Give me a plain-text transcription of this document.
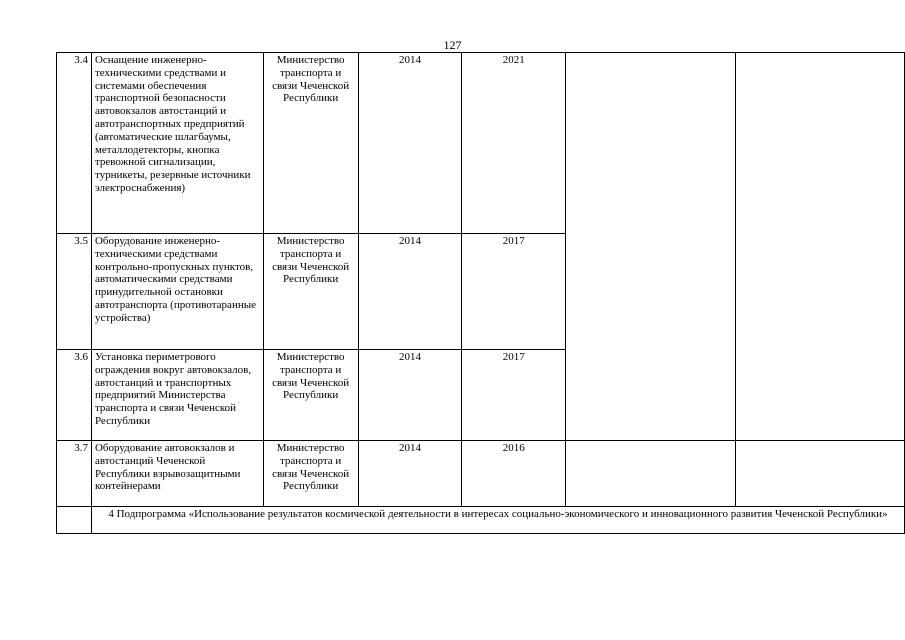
127
3.4	Оснащение инженерно-техническими средствами и системами обеспечения транспортной безопасности автовокзалов автостанций и автотранспортных предприятий (автоматические шлагбаумы, металлодетекторы, кнопка тревожной сигнализации, турникеты, резервные источники электроснабжения)	Министерство транспорта и связи Чеченской Республики	2014	2021		
3.5	Оборудование инженерно-техническими средствами контрольно-пропускных пунктов, автоматическими средствами принудительной остановки автотранспорта (противотаранные устройства)	Министерство транспорта и связи Чеченской Республики	2014	2017		
3.6	Установка периметрового ограждения вокруг автовокзалов, автостанций и транспортных предприятий Министерства транспорта и связи Чеченской Республики	Министерство транспорта и связи Чеченской Республики	2014	2017		
3.7	Оборудование автовокзалов и автостанций Чеченской Республики взрывозащитными контейнерами	Министерство транспорта и связи Чеченской Республики	2014	2016		
	4 Подпрограмма «Использование результатов космической деятельности в интересах социально-экономического и инновационного развития Чеченской Республики»					
